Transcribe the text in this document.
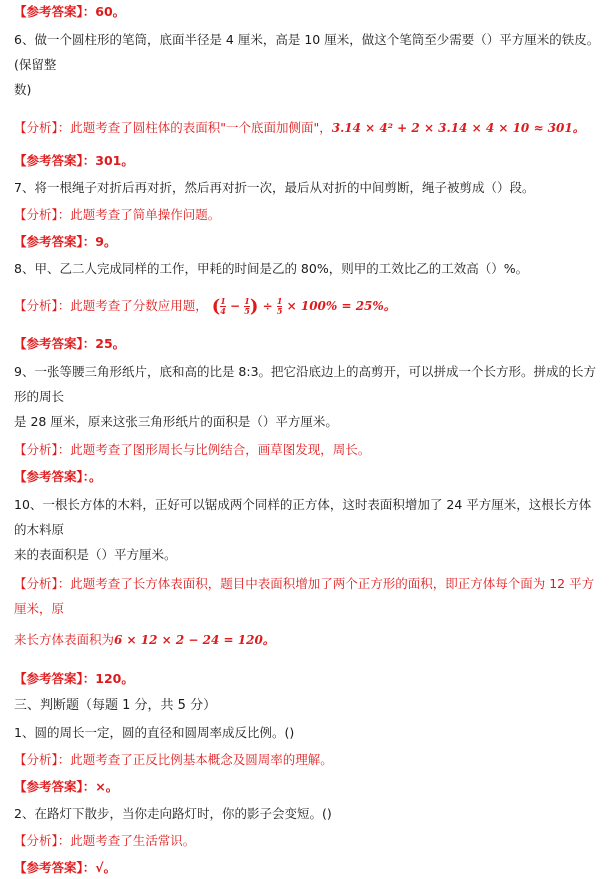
【参考答案】：60。
6、做一个圆柱形的笔筒，底面半径是 4 厘米，高是 10 厘米，做这个笔筒至少需要（）平方厘米的铁皮。(保留整
数)
【分析】：此题考查了圆柱体的表面积"一个底面加侧面"，3.14 × 4² + 2 × 3.14 × 4 × 10 ≈ 301。
【参考答案】：301。
7、将一根绳子对折后再对折，然后再对折一次，最后从对折的中间剪断，绳子被剪成（）段。
【分析】：此题考查了简单操作问题。
【参考答案】：9。
8、甲、乙二人完成同样的工作，甲耗的时间是乙的 80%，则甲的工效比乙的工效高（）%。
【分析】：此题考查了分数应用题， ( $\frac{1}{4} - \frac{1}{5}$ ) ÷ $\frac{1}{5} \times 100\% = 25\%$。
【参考答案】：25。
9、一张等腰三角形纸片，底和高的比是 8:3。把它沿底边上的高剪开，可以拼成一个长方形。拼成的长方形的周长
是 28 厘米，原来这张三角形纸片的面积是（）平方厘米。
【分析】：此题考查了图形周长与比例结合，画草图发现，周长。
【参考答案】：。
10、一根长方体的木料，正好可以锯成两个同样的正方体，这时表面积增加了 24 平方厘米，这根长方体的木料原
来的表面积是（）平方厘米。
【分析】：此题考查了长方体表面积，题目中表面积增加了两个正方形的面积，即正方体每个面为 12 平方厘米，原
来长方体表面积为6 × 12 × 2 − 24 = 120。
【参考答案】：120。
三、判断题（每题 1 分，共 5 分）
1、圆的周长一定，圆的直径和圆周率成反比例。()
【分析】：此题考查了正反比例基本概念及圆周率的理解。
【参考答案】：×。
2、在路灯下散步，当你走向路灯时，你的影子会变短。()
【分析】：此题考查了生活常识。
【参考答案】：√。
